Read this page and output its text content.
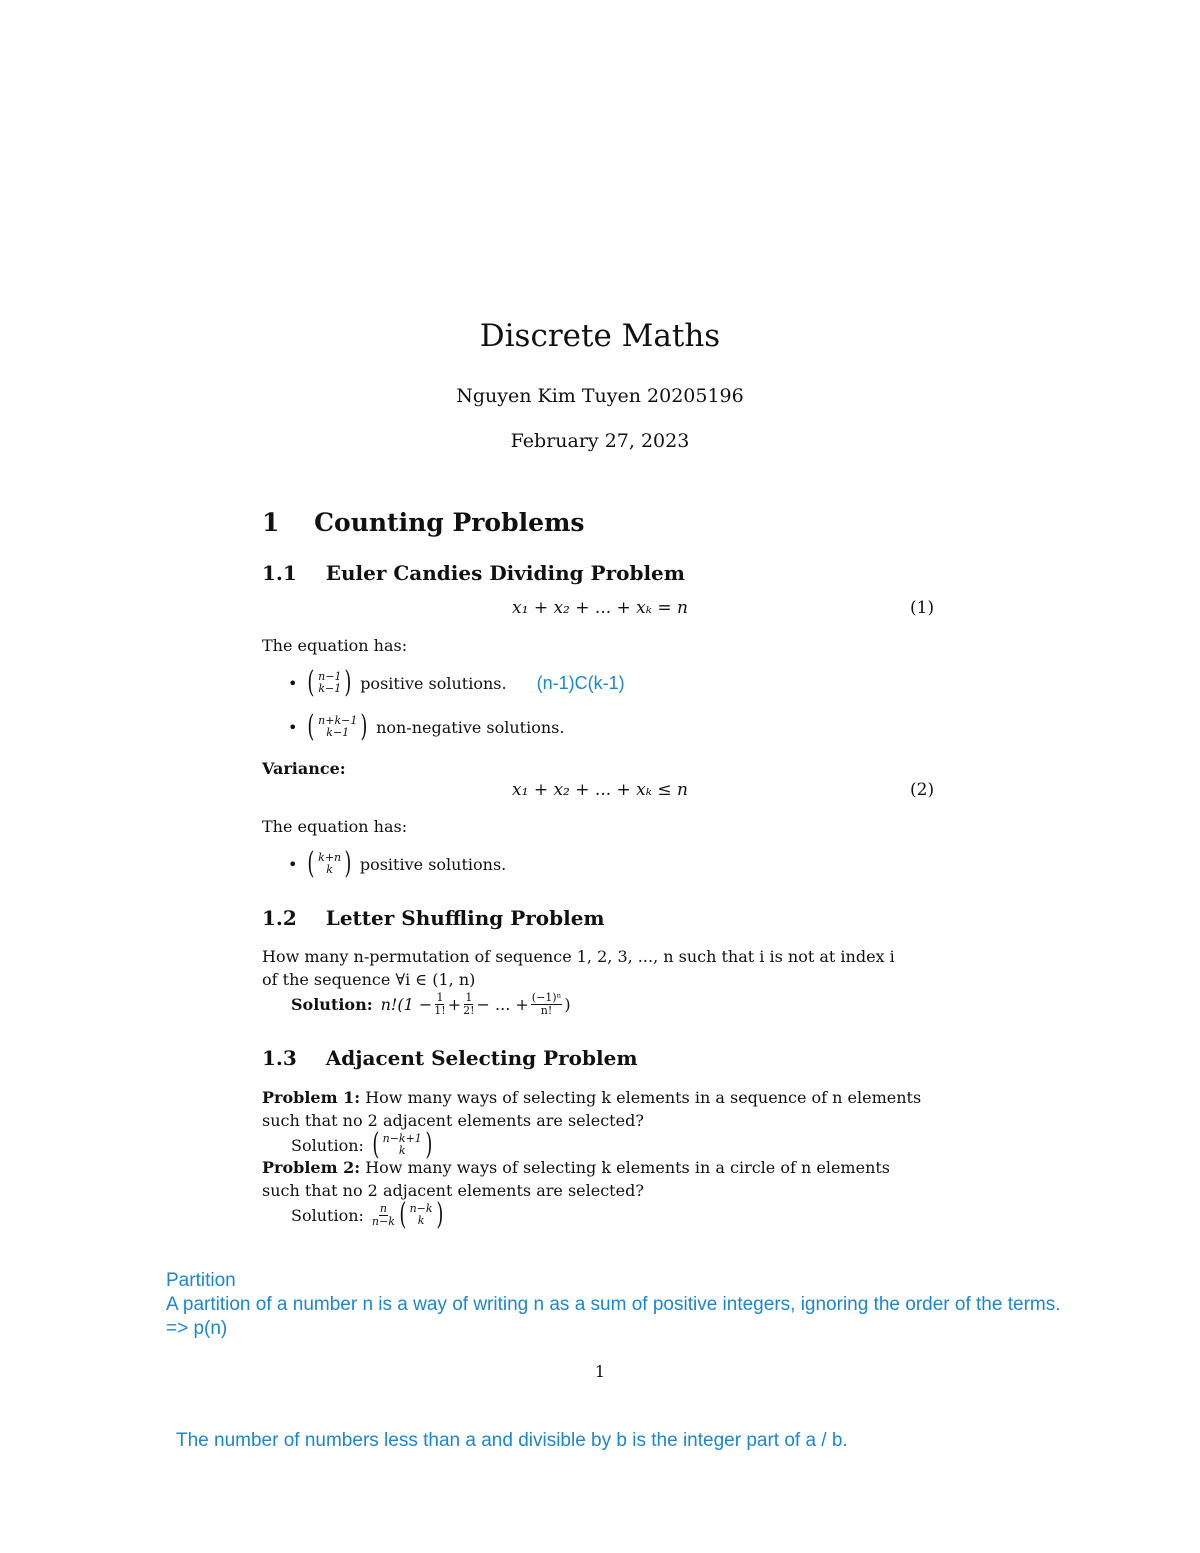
Discrete Maths
Nguyen Kim Tuyen 20205196
February 27, 2023
1 Counting Problems
1.1 Euler Candies Dividing Problem
x₁ + x₂ + ... + xₖ = n	(1)
The equation has:
• ( n−1
k−1 ) positive solutions. (n-1)C(k-1)
• ( n+k−1
k−1 ) non-negative solutions.
Variance:
x₁ + x₂ + ... + xₖ ≤ n	(2)
The equation has:
• ( k+n
k ) positive solutions.
1.2 Letter Shuffling Problem
How many n-permutation of sequence 1, 2, 3, ..., n such that i is not at index i
of the sequence ∀i ∈ (1, n)
Solution: $n!(1 - \frac{1}{1!} + \frac{1}{2!}$ − ... + $\frac{\text{(−1)ⁿ}}{n!}$ )
1.3 Adjacent Selecting Problem
Problem 1: How many ways of selecting k elements in a sequence of n elements
such that no 2 adjacent elements are selected?
Solution: ( n−k+1
k )
Problem 2: How many ways of selecting k elements in a circle of n elements
such that no 2 adjacent elements are selected?
Solution: $\frac{n}{n-k}$ ( n−k
k )
Partition
A partition of a number n is a way of writing n as a sum of positive integers, ignoring the order of the terms.
=> p(n)
1
The number of numbers less than a and divisible by b is the integer part of a / b.
